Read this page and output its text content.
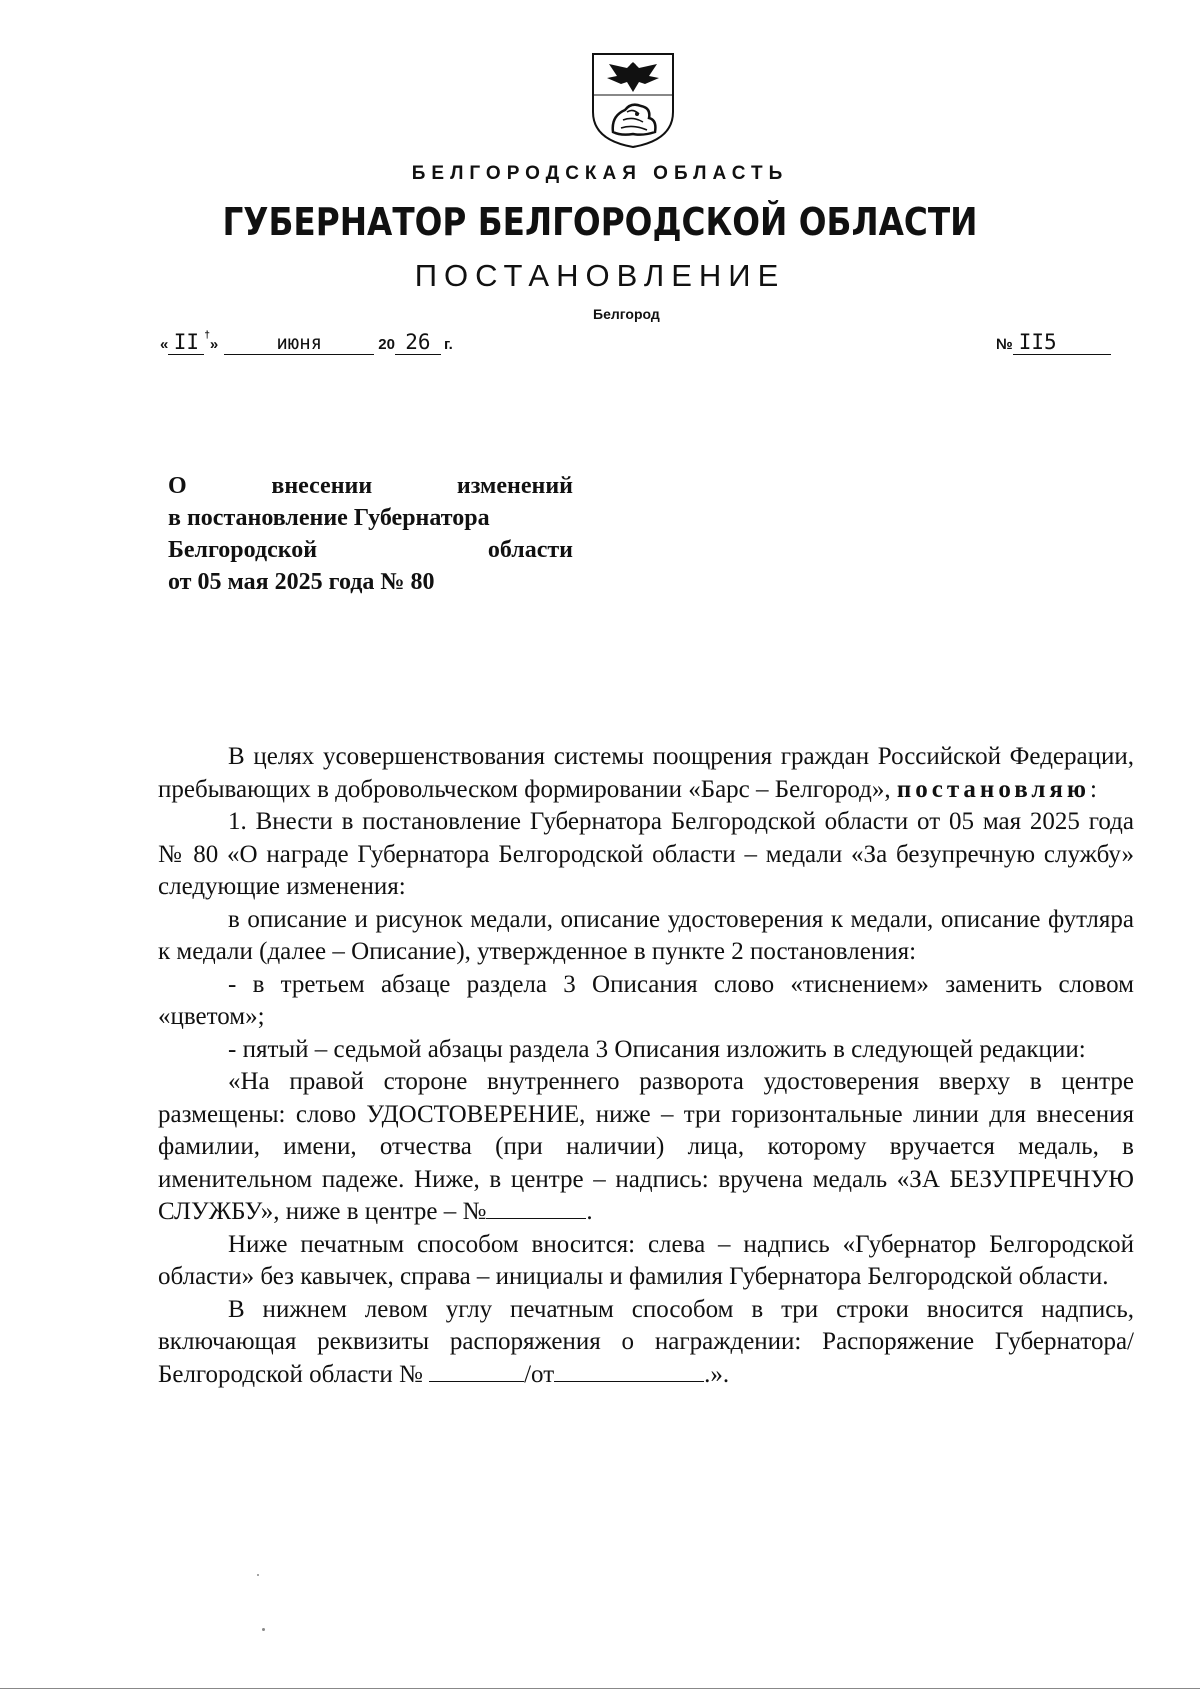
БЕЛГОРОДСКАЯ ОБЛАСТЬ
ГУБЕРНАТОР БЕЛГОРОДСКОЙ ОБЛАСТИ
ПОСТАНОВЛЕНИЕ
Белгород
« II †»	июня	20 26 г.	№ II5
О	внесении	изменений
в постановление Губернатора
Белгородской	области
от 05 мая 2025 года № 80

В целях усовершенствования системы поощрения граждан Российской Федерации, пребывающих в добровольческом формировании «Барс – Белгород», постановляю:

1. Внести в постановление Губернатора Белгородской области от 05 мая 2025 года № 80 «О награде Губернатора Белгородской области – медали «За безупречную службу» следующие изменения:

в описание и рисунок медали, описание удостоверения к медали, описание футляра к медали (далее – Описание), утвержденное в пункте 2 постановления:

- в третьем абзаце раздела 3 Описания слово «тиснением» заменить словом «цветом»;

- пятый – седьмой абзацы раздела 3 Описания изложить в следующей редакции:

«На правой стороне внутреннего разворота удостоверения вверху в центре размещены: слово УДОСТОВЕРЕНИЕ, ниже – три горизонтальные линии для внесения фамилии, имени, отчества (при наличии) лица, которому вручается медаль, в именительном падеже. Ниже, в центре – надпись: вручена медаль «ЗА БЕЗУПРЕЧНУЮ СЛУЖБУ», ниже в центре – №	.

Ниже печатным способом вносится: слева – надпись «Губернатор Белгородской области» без кавычек, справа – инициалы и фамилия Губернатора Белгородской области.

В нижнем левом углу печатным способом в три строки вносится надпись, включающая реквизиты распоряжения о награждении: Распоряжение Губернатора/Белгородской области №	/от	.».
